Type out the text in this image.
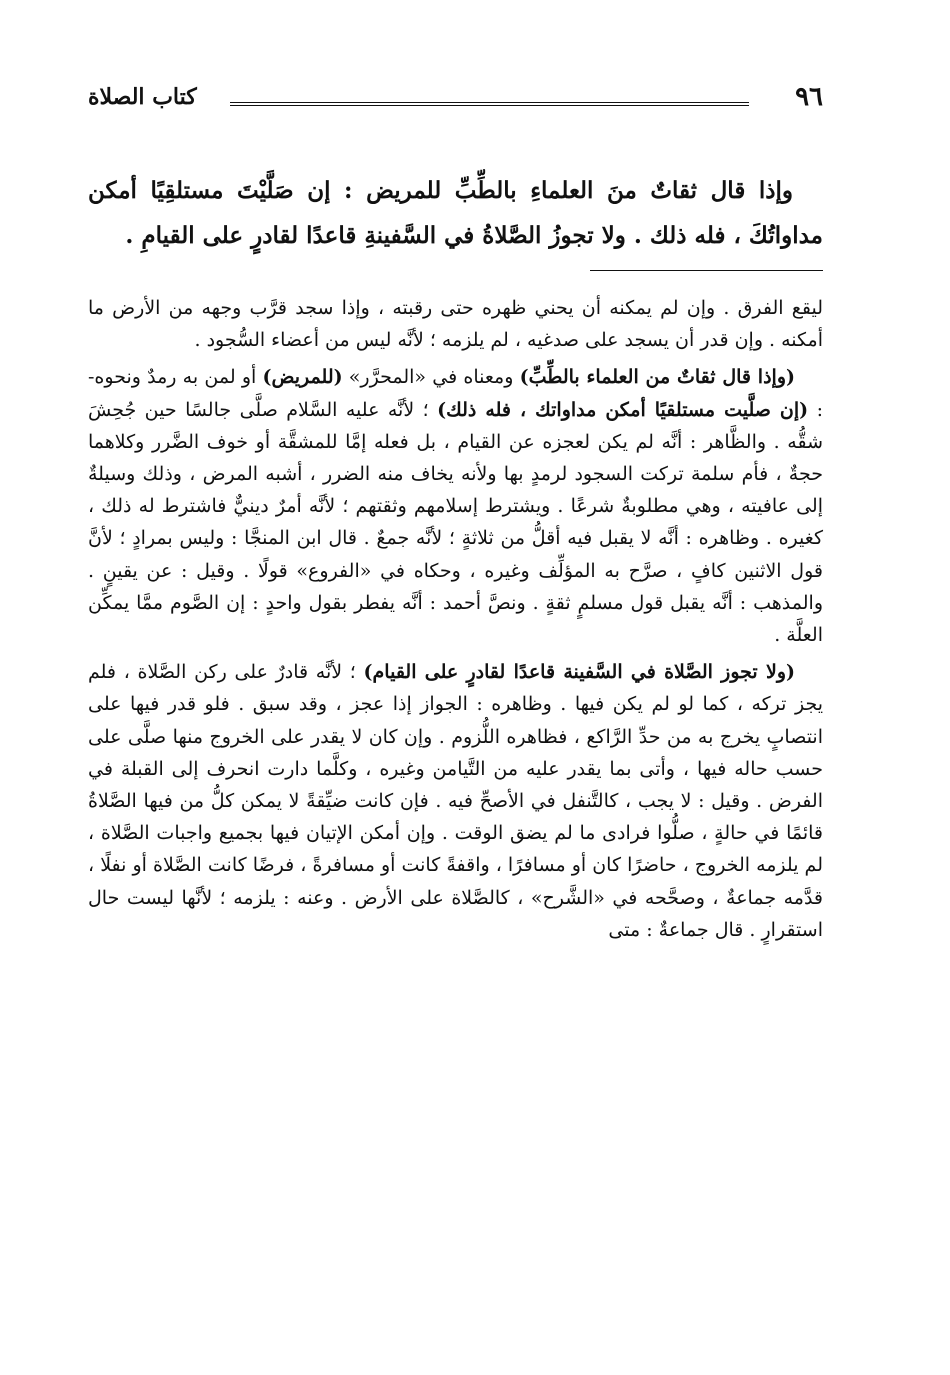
٩٦
كتاب الصلاة

وإذا قال ثقاتٌ منَ العلماءِ بالطِّبِّ للمريض : إن صَلَّيْتَ مستلقِيًا أمكن مداواتُكَ ، فله ذلك . ولا تجوزُ الصَّلاةُ في السَّفينةِ قاعدًا لقادرٍ على القيامِ .

ليقع الفرق . وإن لم يمكنه أن يحني ظهره حتى رقبته ، وإذا سجد قرَّب وجهه من الأرض ما أمكنه . وإن قدر أن يسجد على صدغيه ، لم يلزمه ؛ لأنَّه ليس من أعضاء السُّجود .

(وإذا قال ثقاتٌ من العلماء بالطِّبِّ) ومعناه في «المحرَّر» (للمريض) أو لمن به رمدٌ ونحوه- : (إن صلَّيت مستلقيًا أمكن مداواتك ، فله ذلك) ؛ لأنَّه عليه السَّلام صلَّى جالسًا حين جُحِشَ شقُّه . والظَّاهر : أنَّه لم يكن لعجزه عن القيام ، بل فعله إمَّا للمشقَّة أو خوف الضَّرر وكلاهما حجةٌ ، فأم سلمة تركت السجود لرمدٍ بها ولأنه يخاف منه الضرر ، أشبه المرض ، وذلك وسيلةٌ إلى عافيته ، وهي مطلوبةٌ شرعًا . ويشترط إسلامهم وثقتهم ؛ لأنَّه أمرٌ دينيٌّ فاشترط له ذلك ، كغيره . وظاهره : أنَّه لا يقبل فيه أقلُّ من ثلاثةٍ ؛ لأنَّه جمعٌ . قال ابن المنجَّا : وليس بمرادٍ ؛ لأنَّ قول الاثنين كافٍ ، صرَّح به المؤلِّف وغيره ، وحكاه في «الفروع» قولًا . وقيل : عن يقينٍ . والمذهب : أنَّه يقبل قول مسلمٍ ثقةٍ . ونصَّ أحمد : أنَّه يفطر بقول واحدٍ : إن الصَّوم ممَّا يمكِّن العلَّة .

(ولا تجوز الصَّلاة في السَّفينة قاعدًا لقادرٍ على القيام) ؛ لأنَّه قادرٌ على ركن الصَّلاة ، فلم يجز تركه ، كما لو لم يكن فيها . وظاهره : الجواز إذا عجز ، وقد سبق . فلو قدر فيها على انتصابٍ يخرج به من حدِّ الرَّاكع ، فظاهره اللُّزوم . وإن كان لا يقدر على الخروج منها صلَّى على حسب حاله فيها ، وأتى بما يقدر عليه من التَّيامن وغيره ، وكلَّما دارت انحرف إلى القبلة في الفرض . وقيل : لا يجب ، كالتَّنفل في الأصحِّ فيه . فإن كانت ضيِّقةً لا يمكن كلُّ من فيها الصَّلاةُ قائمًا في حالةٍ ، صلُّوا فرادى ما لم يضق الوقت . وإن أمكن الإتيان فيها بجميع واجبات الصَّلاة ، لم يلزمه الخروج ، حاضرًا كان أو مسافرًا ، واقفةً كانت أو مسافرةً ، فرضًا كانت الصَّلاة أو نفلًا ، قدَّمه جماعةٌ ، وصحَّحه في «الشَّرح» ، كالصَّلاة على الأرض . وعنه : يلزمه ؛ لأنَّها ليست حال استقرارٍ . قال جماعةٌ : متى
